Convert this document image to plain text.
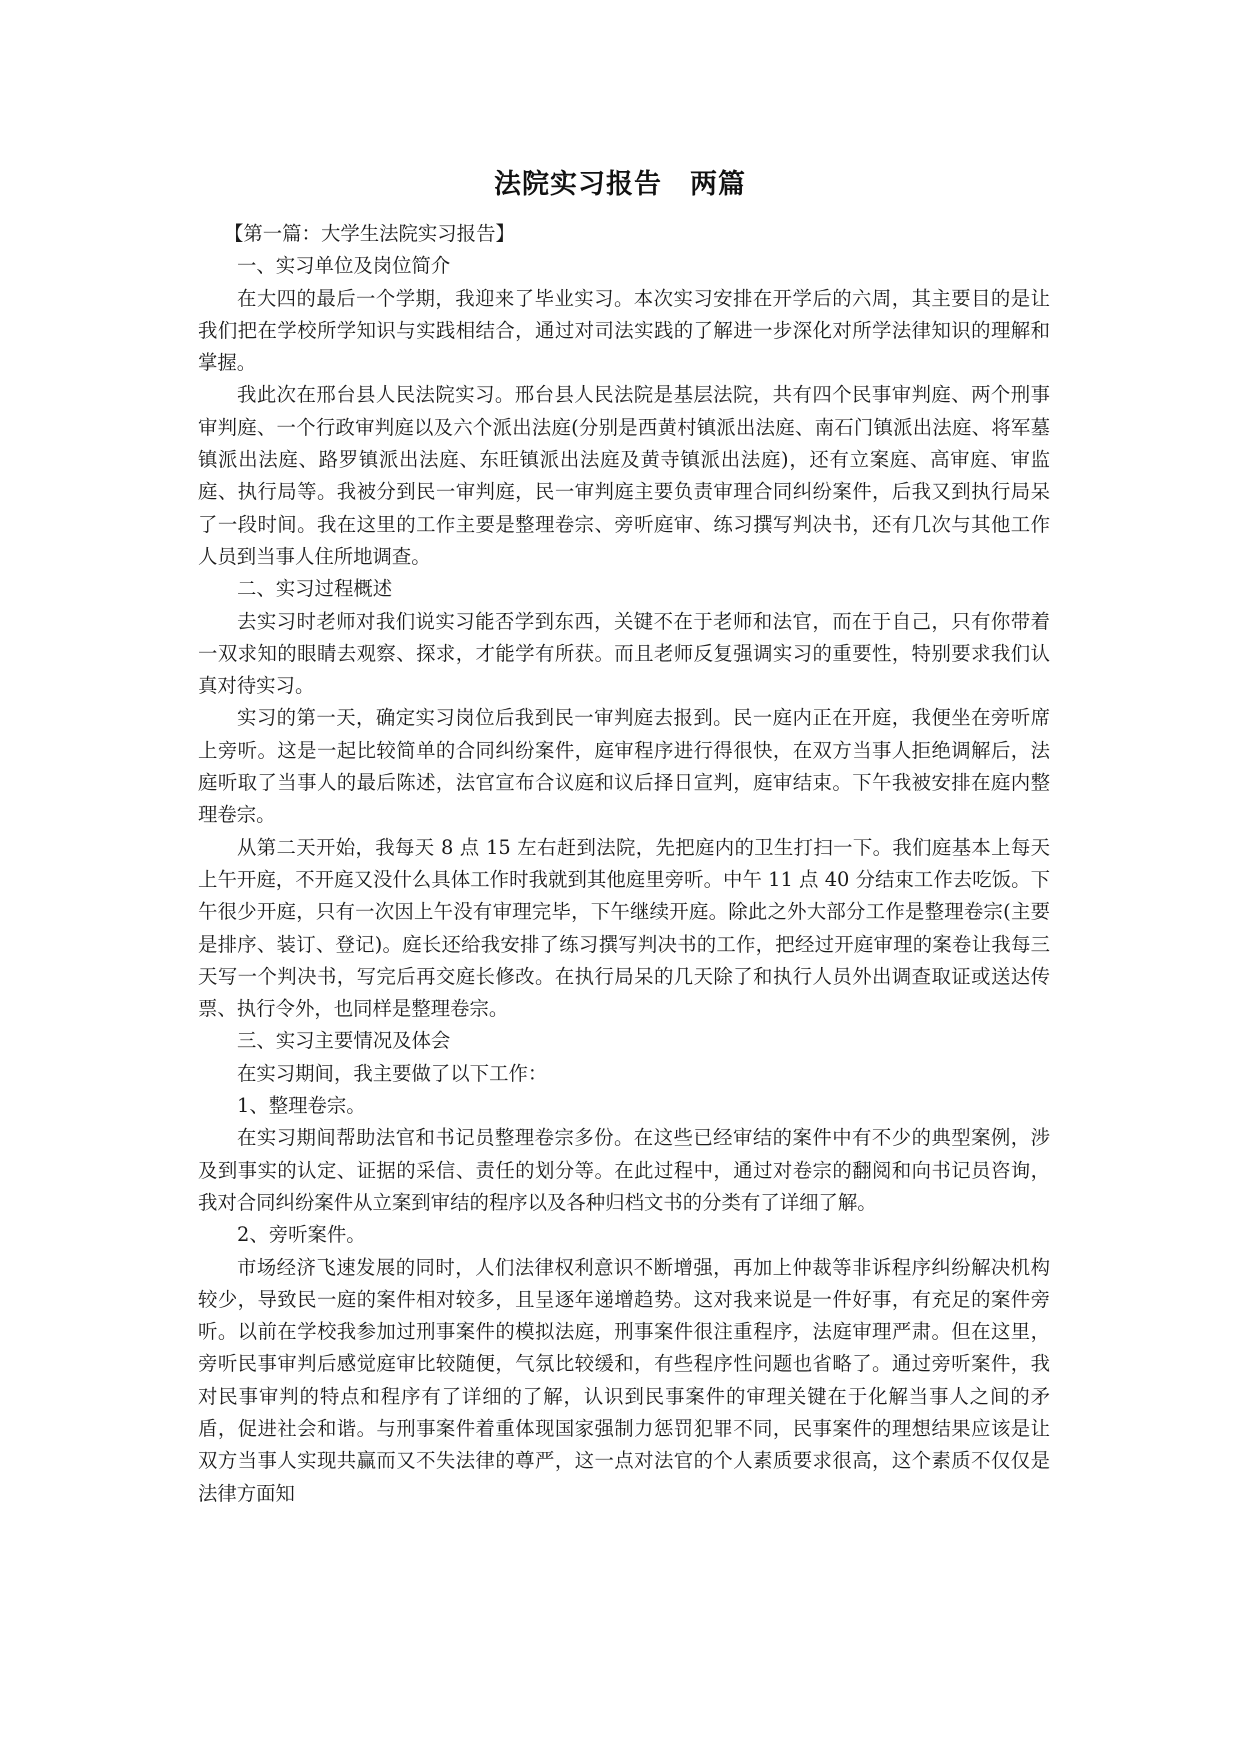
法院实习报告　两篇

【第一篇：大学生法院实习报告】

一、实习单位及岗位简介

在大四的最后一个学期，我迎来了毕业实习。本次实习安排在开学后的六周，其主要目的是让我们把在学校所学知识与实践相结合，通过对司法实践的了解进一步深化对所学法律知识的理解和掌握。

我此次在邢台县人民法院实习。邢台县人民法院是基层法院，共有四个民事审判庭、两个刑事审判庭、一个行政审判庭以及六个派出法庭(分别是西黄村镇派出法庭、南石门镇派出法庭、将军墓镇派出法庭、路罗镇派出法庭、东旺镇派出法庭及黄寺镇派出法庭)，还有立案庭、高审庭、审监庭、执行局等。我被分到民一审判庭，民一审判庭主要负责审理合同纠纷案件，后我又到执行局呆了一段时间。我在这里的工作主要是整理卷宗、旁听庭审、练习撰写判决书，还有几次与其他工作人员到当事人住所地调查。

二、实习过程概述

去实习时老师对我们说实习能否学到东西，关键不在于老师和法官，而在于自己，只有你带着一双求知的眼睛去观察、探求，才能学有所获。而且老师反复强调实习的重要性，特别要求我们认真对待实习。

实习的第一天，确定实习岗位后我到民一审判庭去报到。民一庭内正在开庭，我便坐在旁听席上旁听。这是一起比较简单的合同纠纷案件，庭审程序进行得很快，在双方当事人拒绝调解后，法庭听取了当事人的最后陈述，法官宣布合议庭和议后择日宣判，庭审结束。下午我被安排在庭内整理卷宗。

从第二天开始，我每天 8 点 15 左右赶到法院，先把庭内的卫生打扫一下。我们庭基本上每天上午开庭，不开庭又没什么具体工作时我就到其他庭里旁听。中午 11 点 40 分结束工作去吃饭。下午很少开庭，只有一次因上午没有审理完毕，下午继续开庭。除此之外大部分工作是整理卷宗(主要是排序、装订、登记)。庭长还给我安排了练习撰写判决书的工作，把经过开庭审理的案卷让我每三天写一个判决书，写完后再交庭长修改。在执行局呆的几天除了和执行人员外出调查取证或送达传票、执行令外，也同样是整理卷宗。

三、实习主要情况及体会

在实习期间，我主要做了以下工作：

1、整理卷宗。

在实习期间帮助法官和书记员整理卷宗多份。在这些已经审结的案件中有不少的典型案例，涉及到事实的认定、证据的采信、责任的划分等。在此过程中，通过对卷宗的翻阅和向书记员咨询，我对合同纠纷案件从立案到审结的程序以及各种归档文书的分类有了详细了解。

2、旁听案件。

市场经济飞速发展的同时，人们法律权利意识不断增强，再加上仲裁等非诉程序纠纷解决机构较少，导致民一庭的案件相对较多，且呈逐年递增趋势。这对我来说是一件好事，有充足的案件旁听。以前在学校我参加过刑事案件的模拟法庭，刑事案件很注重程序，法庭审理严肃。但在这里，旁听民事审判后感觉庭审比较随便，气氛比较缓和，有些程序性问题也省略了。通过旁听案件，我对民事审判的特点和程序有了详细的了解，认识到民事案件的审理关键在于化解当事人之间的矛盾，促进社会和谐。与刑事案件着重体现国家强制力惩罚犯罪不同，民事案件的理想结果应该是让双方当事人实现共赢而又不失法律的尊严，这一点对法官的个人素质要求很高，这个素质不仅仅是法律方面知
